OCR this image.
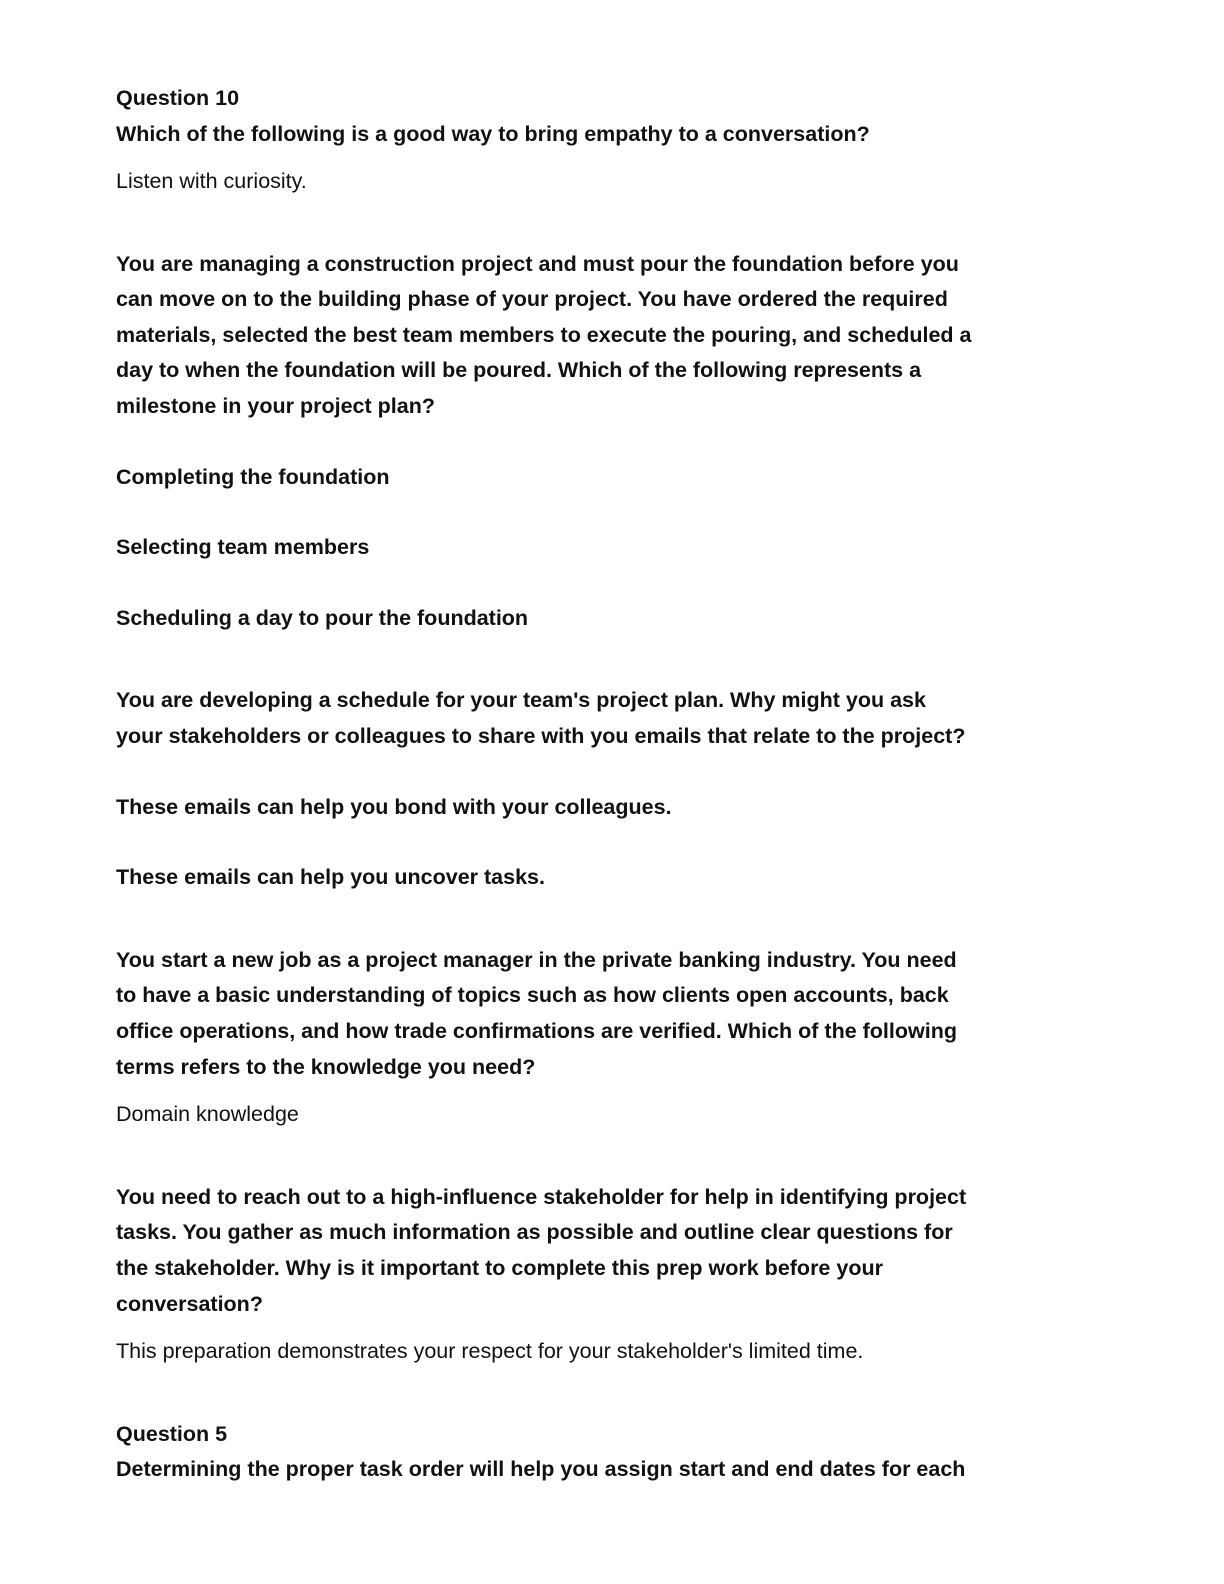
Question 10

Which of the following is a good way to bring empathy to a conversation?

Listen with curiosity.

You are managing a construction project and must pour the foundation before you

can move on to the building phase of your project. You have ordered the required

materials, selected the best team members to execute the pouring, and scheduled a

day to when the foundation will be poured. Which of the following represents a

milestone in your project plan?

Completing the foundation

Selecting team members

Scheduling a day to pour the foundation

You are developing a schedule for your team's project plan. Why might you ask

your stakeholders or colleagues to share with you emails that relate to the project?

These emails can help you bond with your colleagues.

These emails can help you uncover tasks.

You start a new job as a project manager in the private banking industry. You need

to have a basic understanding of topics such as how clients open accounts, back

office operations, and how trade confirmations are verified. Which of the following

terms refers to the knowledge you need?

Domain knowledge

You need to reach out to a high-influence stakeholder for help in identifying project

tasks. You gather as much information as possible and outline clear questions for

the stakeholder. Why is it important to complete this prep work before your

conversation?

This preparation demonstrates your respect for your stakeholder's limited time.

Question 5

Determining the proper task order will help you assign start and end dates for each
